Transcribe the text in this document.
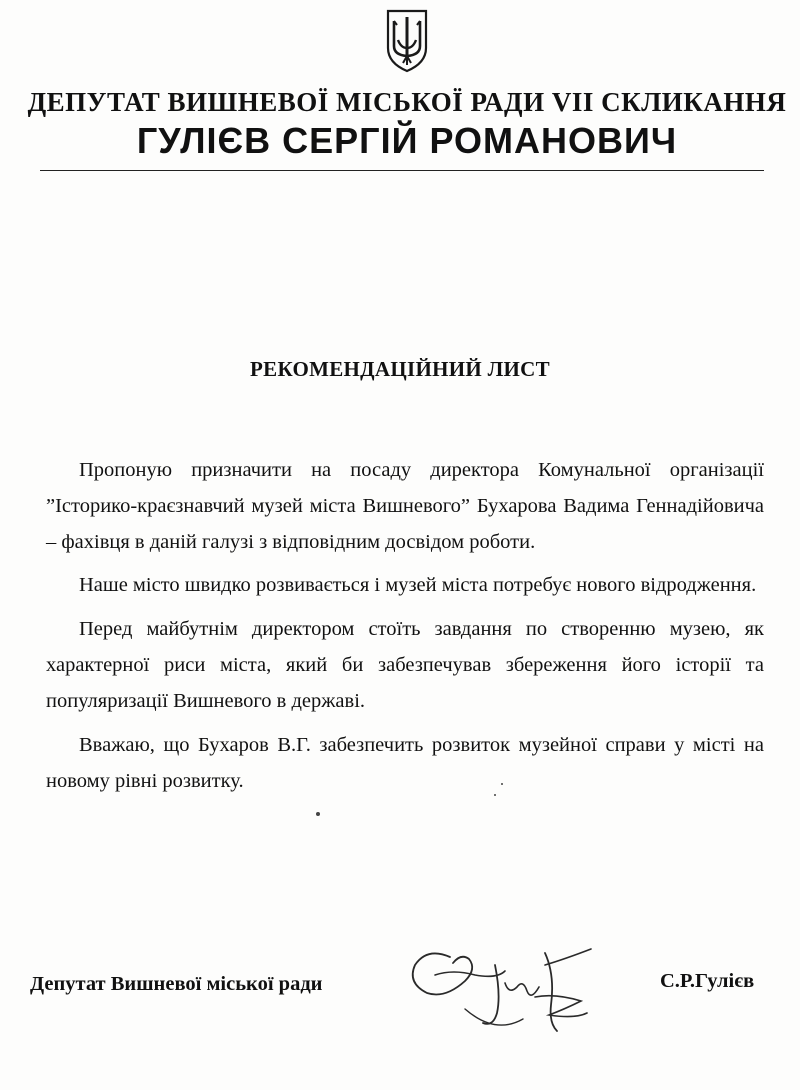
ДЕПУТАТ ВИШНЕВОЇ МІСЬКОЇ РАДИ VII СКЛИКАННЯ
ГУЛІЄВ СЕРГІЙ РОМАНОВИЧ
РЕКОМЕНДАЦІЙНИЙ ЛИСТ

Пропоную призначити на посаду директора Комунальної організації ”Історико-краєзнавчий музей міста Вишневого” Бухарова Вадима Геннадійовича – фахівця в даній галузі з відповідним досвідом роботи.

Наше місто швидко розвивається і музей міста потребує нового відродження.

Перед майбутнім директором стоїть завдання по створенню музею, як характерної риси міста, який би забезпечував збереження його історії та популяризації Вишневого в державі.

Вважаю, що Бухаров В.Г. забезпечить розвиток музейної справи у місті на новому рівні розвитку.

Депутат Вишневої міської ради	С.Р.Гулієв
